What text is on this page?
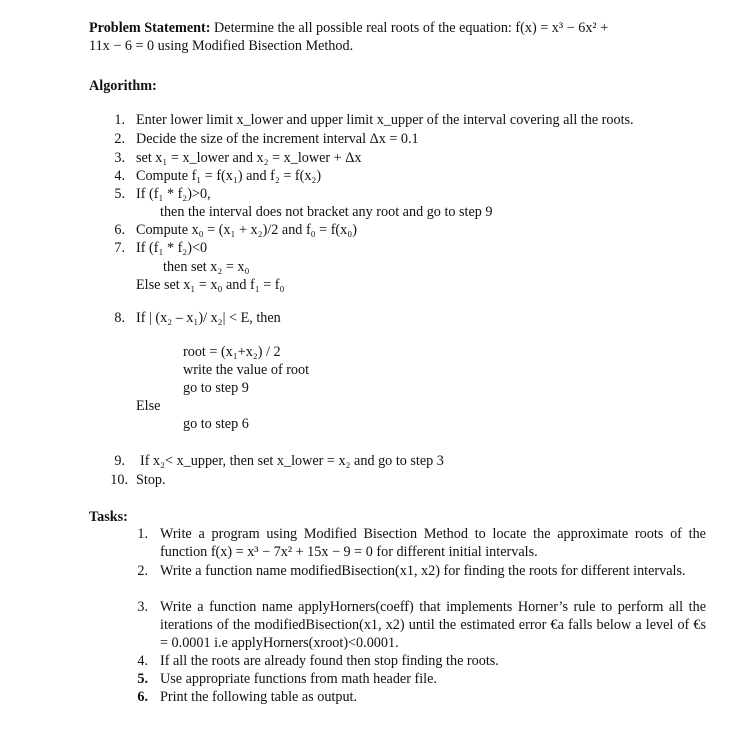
Problem Statement: Determine the all possible real roots of the equation: f(x) = x³ − 6x² +
11x − 6 = 0 using Modified Bisection Method.
Algorithm:
1. Enter lower limit x_lower and upper limit x_upper of the interval covering all the roots.
2. Decide the size of the increment interval Δx = 0.1
3. set x₁ = x_lower and x₂ = x_lower + Δx
4. Compute f₁ = f(x₁) and f₂ = f(x₂)
5. If (f₁ * f₂)>0,
then the interval does not bracket any root and go to step 9
6. Compute x₀ = (x₁ + x₂)/2 and f₀ = f(x₀)
7. If (f₁ * f₂)<0
then set x₂ = x₀
Else set x₁ = x₀ and f₁ = f₀
8. If | (x₂ – x₁)/ x₂| < E, then
root = (x₁+x₂) / 2
write the value of root
go to step 9
Else
go to step 6
9. If x₂< x_upper, then set x_lower = x₂ and go to step 3
10. Stop.
Tasks:
1. Write a program using Modified Bisection Method to locate the approximate roots of the function f(x) = x³ − 7x² + 15x − 9 = 0 for different initial intervals.
2. Write a function name modifiedBisection(x1, x2) for finding the roots for different intervals.
3. Write a function name applyHorners(coeff) that implements Horner’s rule to perform all the iterations of the modifiedBisection(x1, x2) until the estimated error €a falls below a level of €s = 0.0001 i.e applyHorners(xroot)<0.0001.
4. If all the roots are already found then stop finding the roots.
5. Use appropriate functions from math header file.
6. Print the following table as output.
